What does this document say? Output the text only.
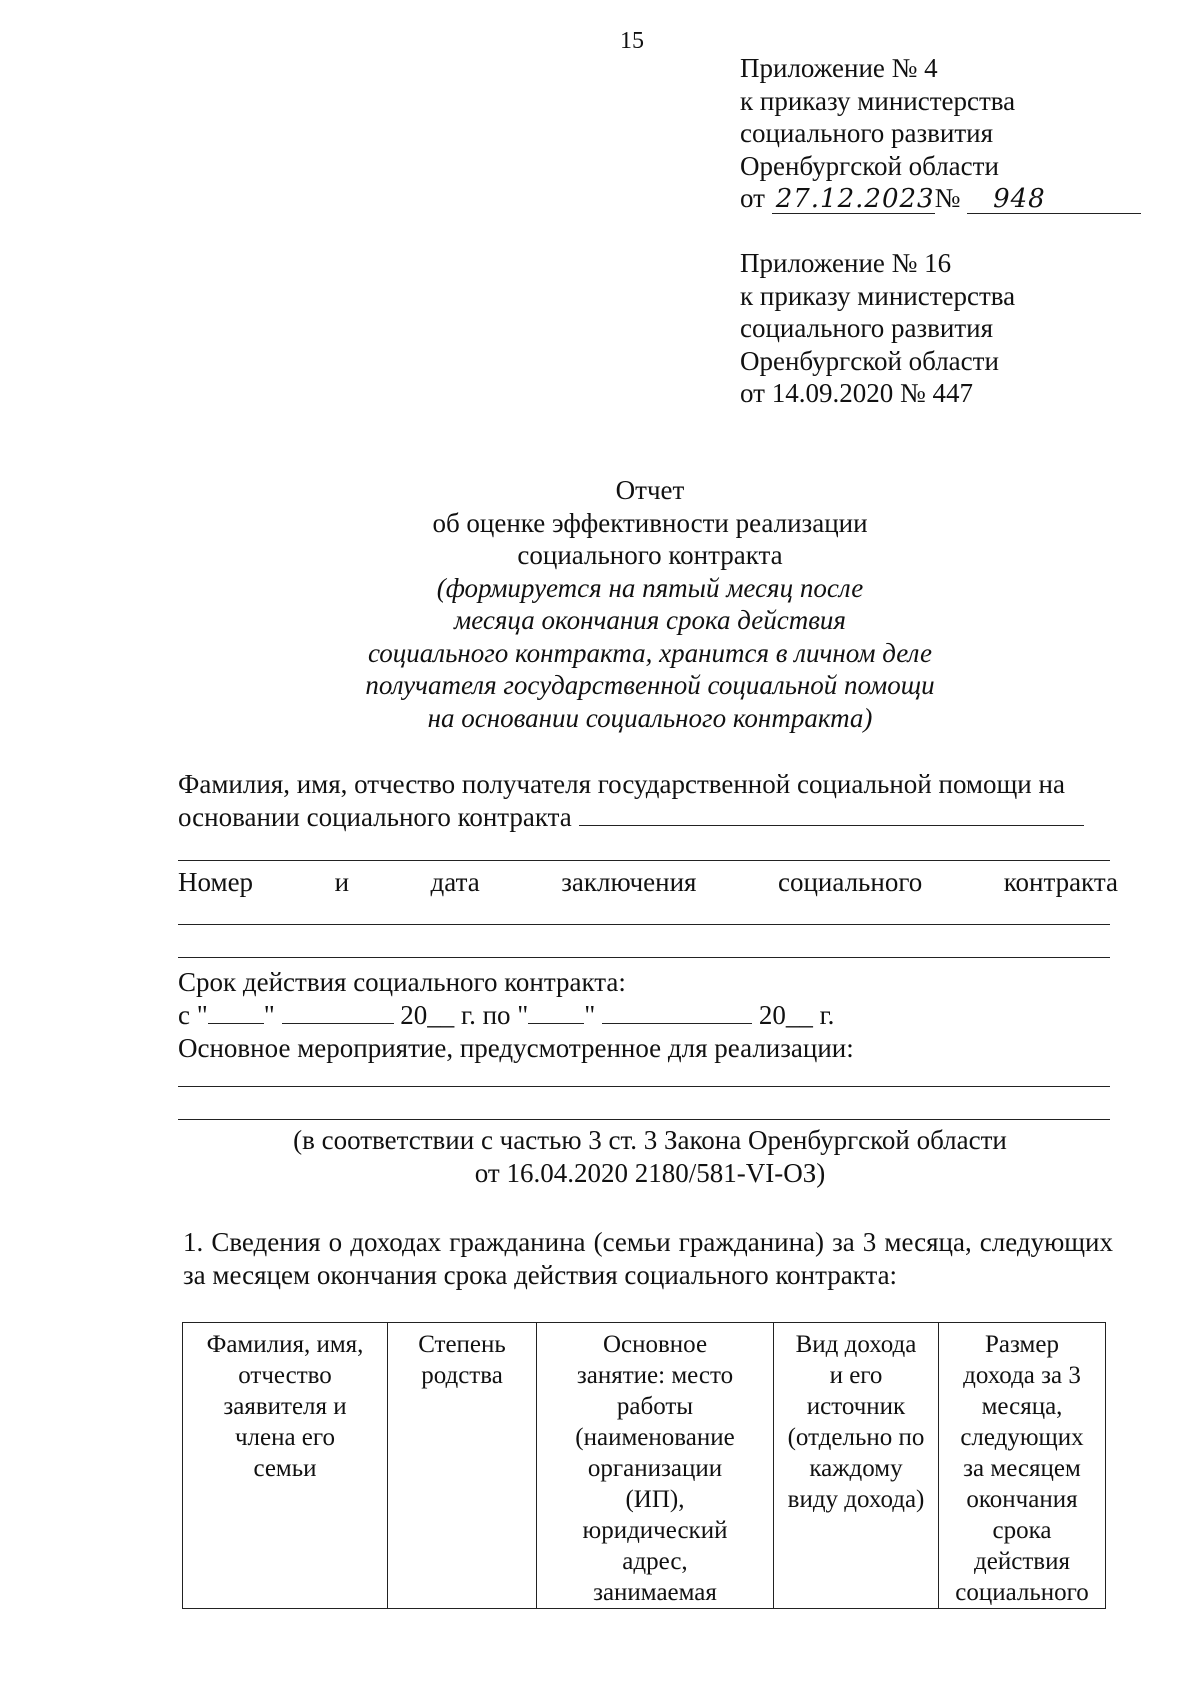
15
Приложение № 4
к приказу министерства
социального развития
Оренбургской области
от 27.12.2023№ 948
Приложение № 16
к приказу министерства
социального развития
Оренбургской области
от 14.09.2020 № 447
Отчет
об оценке эффективности реализации
социального контракта
(формируется на пятый месяц после
месяца окончания срока действия
социального контракта, хранится в личном деле
получателя государственной социальной помощи
на основании социального контракта)
Фамилия, имя, отчество получателя государственной социальной помощи на
основании социального контракта
Номер	и	дата	заключения	социального	контракта
Срок действия социального контракта:
с " "	20__ г. по " "	20__ г.
Основное мероприятие, предусмотренное для реализации:
(в соответствии с частью 3 ст. 3 Закона Оренбургской области
от 16.04.2020 2180/581-VI-ОЗ)
1. Сведения о доходах гражданина (семьи гражданина) за 3 месяца, следующих за месяцем окончания срока действия социального контракта:
Фамилия, имя,
отчество
заявителя и
члена его
семьи

Степень
родства

Основное
занятие: место
работы
(наименование
организации
(ИП),
юридический
адрес,
занимаемая

Вид дохода
и его
источник
(отдельно по
каждому
виду дохода)

Размер
дохода за 3
месяца,
следующих
за месяцем
окончания
срока
действия
социального
